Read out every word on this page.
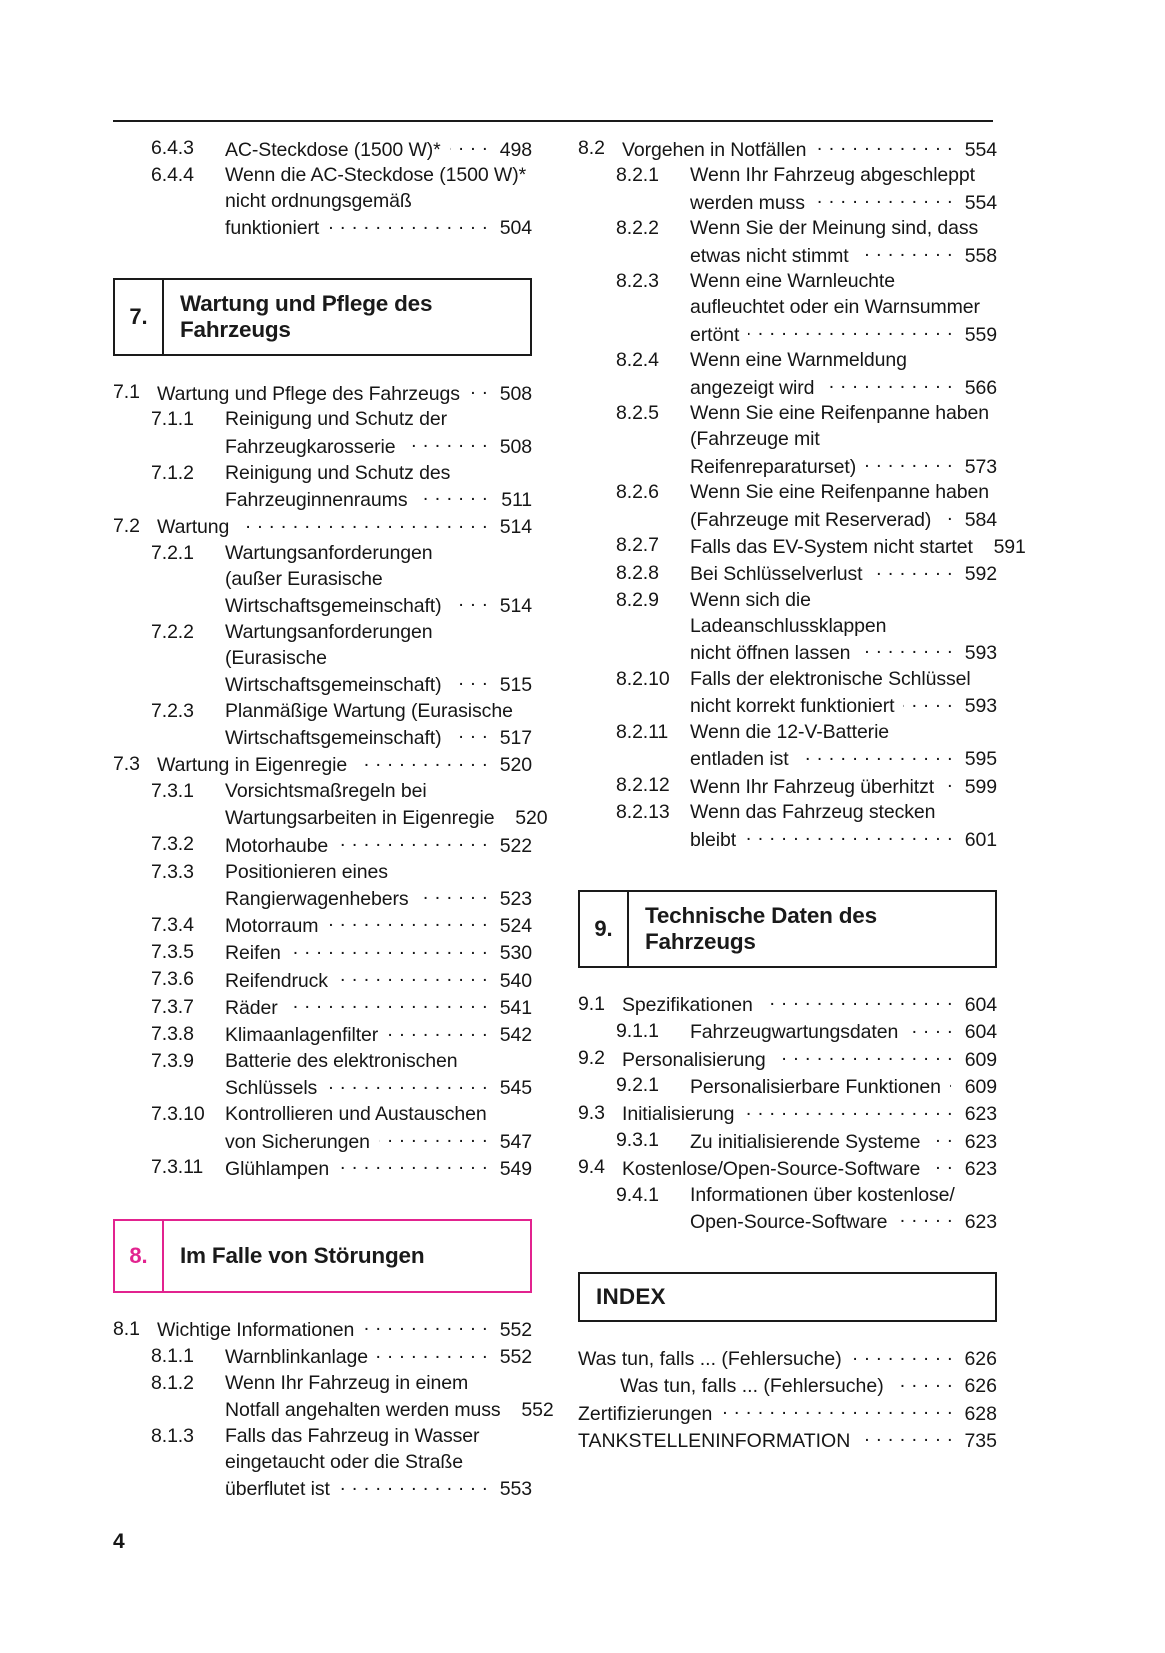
6.4.3	AC-Steckdose (1500 W)* . . .	498
6.4.4	Wenn die AC-Steckdose (1500 W)*
nicht ordnungsgemäß
funktioniert . . .	504
7.
Wartung und Pflege des Fahrzeugs
7.1 Wartung und Pflege des Fahrzeugs . . . 508
7.1.1	Reinigung und Schutz der
Fahrzeugkarosserie . . .	508
7.1.2	Reinigung und Schutz des
Fahrzeuginnenraums . . .	511
7.2 Wartung . . .	514
7.2.1	Wartungsanforderungen
(außer Eurasische
Wirtschaftsgemeinschaft) . . .	514
7.2.2	Wartungsanforderungen
(Eurasische
Wirtschaftsgemeinschaft) . . .	515
7.2.3	Planmäßige Wartung (Eurasische
Wirtschaftsgemeinschaft) . . .	517
7.3 Wartung in Eigenregie . . .	520
7.3.1	Vorsichtsmaßregeln bei
Wartungsarbeiten in Eigenregie 520
7.3.2	Motorhaube . . .	522
7.3.3	Positionieren eines
Rangierwagenhebers . . .	523
7.3.4	Motorraum . . .	524
7.3.5	Reifen . . .	530
7.3.6	Reifendruck . . .	540
7.3.7	Räder . . .	541
7.3.8	Klimaanlagenfilter . . .	542
7.3.9	Batterie des elektronischen
Schlüssels . . .	545
7.3.10	Kontrollieren und Austauschen
von Sicherungen . . .	547
7.3.11	Glühlampen . . .	549
8.	Im Falle von Störungen
8.1 Wichtige Informationen . . .	552
8.1.1	Warnblinkanlage . . .	552
8.1.2	Wenn Ihr Fahrzeug in einem
Notfall angehalten werden muss 552
8.1.3	Falls das Fahrzeug in Wasser
eingetaucht oder die Straße
überflutet ist . . .	553
8.2 Vorgehen in Notfällen . . .	554
8.2.1	Wenn Ihr Fahrzeug abgeschleppt
werden muss . . .	554
8.2.2	Wenn Sie der Meinung sind, dass
etwas nicht stimmt . . .	558
8.2.3	Wenn eine Warnleuchte
aufleuchtet oder ein Warnsummer
ertönt . . .	559
8.2.4	Wenn eine Warnmeldung
angezeigt wird . . .	566
8.2.5	Wenn Sie eine Reifenpanne haben
(Fahrzeuge mit
Reifenreparaturset) . . .	573
8.2.6	Wenn Sie eine Reifenpanne haben
(Fahrzeuge mit Reserverad) . . . 584
8.2.7	Falls das EV-System nicht startet 591
8.2.8	Bei Schlüsselverlust . . .	592
8.2.9	Wenn sich die Ladeanschlussklappen
nicht öffnen lassen . . .	593
8.2.10	Falls der elektronische Schlüssel
nicht korrekt funktioniert . . .	593
8.2.11	Wenn die 12-V-Batterie
entladen ist . . .	595
8.2.12	Wenn Ihr Fahrzeug überhitzt . . . 599
8.2.13	Wenn das Fahrzeug stecken
bleibt . . .	601
9.
Technische Daten des Fahrzeugs
9.1 Spezifikationen . . .	604
9.1.1	Fahrzeugwartungsdaten . . .	604
9.2 Personalisierung . . .	609
9.2.1	Personalisierbare Funktionen . . . 609
9.3 Initialisierung . . .	623
9.3.1	Zu initialisierende Systeme . . . 623
9.4 Kostenlose/Open-Source-Software . . . 623
9.4.1	Informationen über kostenlose/
Open-Source-Software . . .	623
INDEX
Was tun, falls ... (Fehlersuche) . . .	626
Was tun, falls ... (Fehlersuche) . . .	626
Zertifizierungen . . .	628
TANKSTELLENINFORMATION . . .	735
4
